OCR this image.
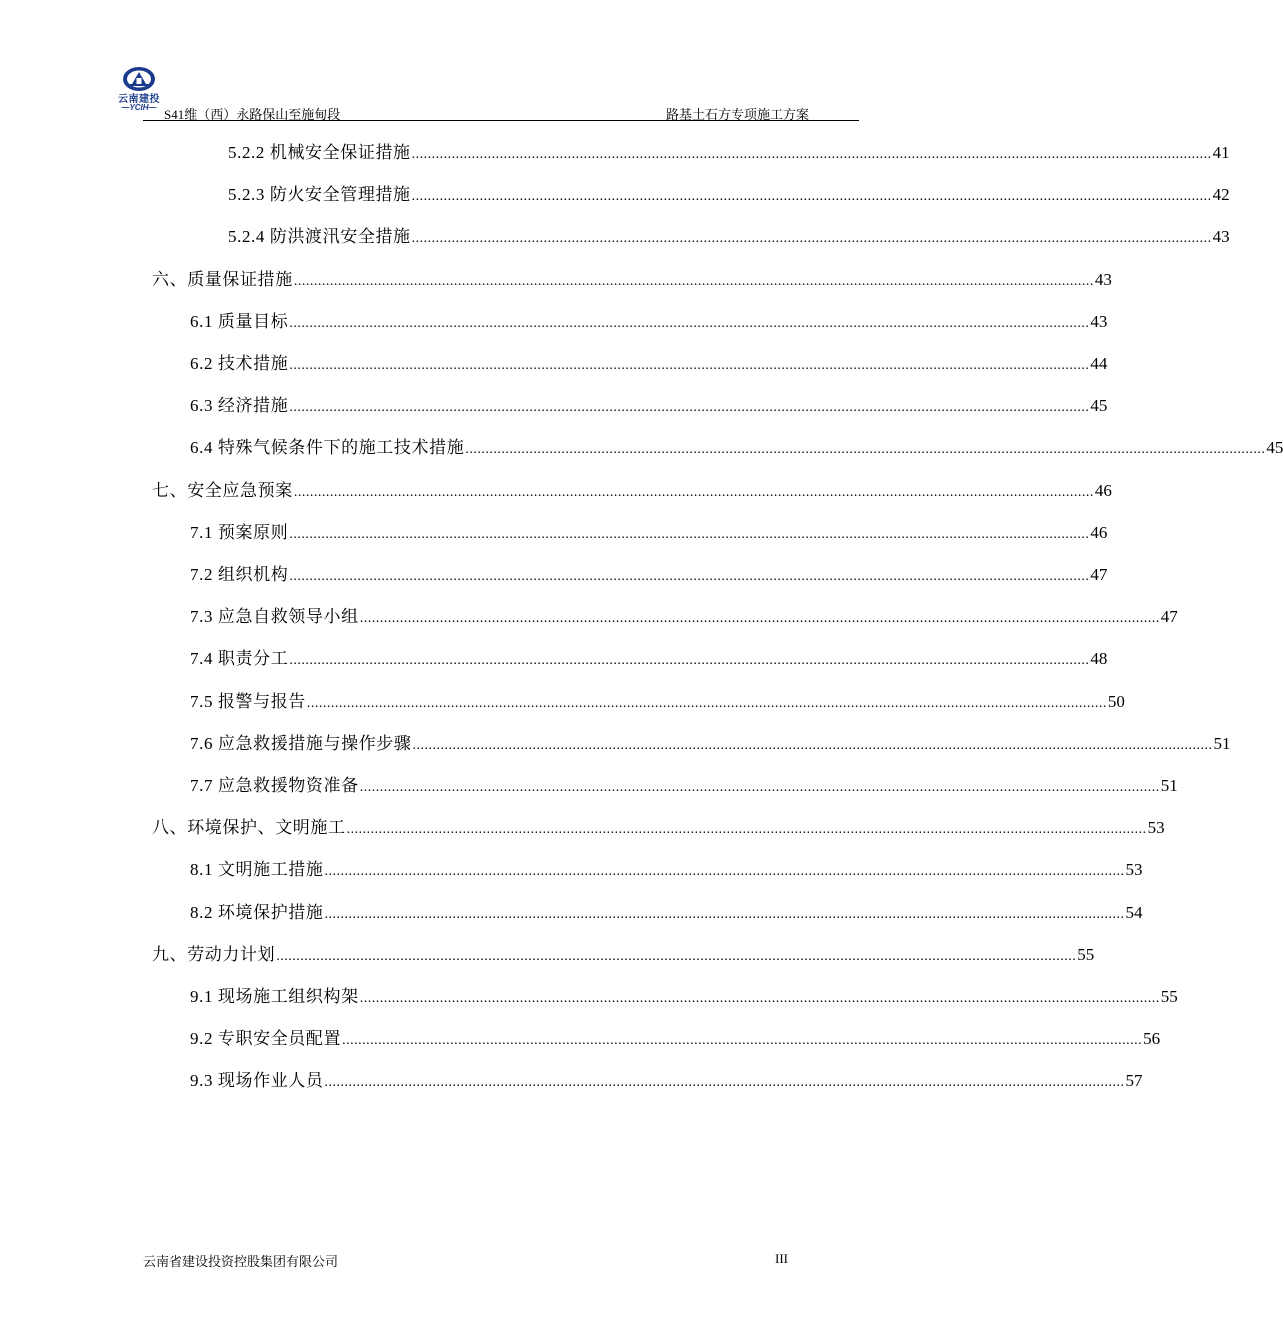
云南建投
—YCIH— S41维（西）永路保山至施甸段	路基土石方专项施工方案
5.2.2 机械安全保证措施 ........................................................................................................................................................................................................ 41
5.2.3 防火安全管理措施 ........................................................................................................................................................................................................ 42
5.2.4 防洪渡汛安全措施 ........................................................................................................................................................................................................ 43
六、质量保证措施 ........................................................................................................................................................................................................ 43
6.1 质量目标 ........................................................................................................................................................................................................ 43
6.2 技术措施 ........................................................................................................................................................................................................ 44
6.3 经济措施 ........................................................................................................................................................................................................ 45
6.4 特殊气候条件下的施工技术措施 ........................................................................................................................................................................................................ 45
七、安全应急预案 ........................................................................................................................................................................................................ 46
7.1 预案原则 ........................................................................................................................................................................................................ 46
7.2 组织机构 ........................................................................................................................................................................................................ 47
7.3 应急自救领导小组 ........................................................................................................................................................................................................ 47
7.4 职责分工 ........................................................................................................................................................................................................ 48
7.5 报警与报告 ........................................................................................................................................................................................................ 50
7.6 应急救援措施与操作步骤 ........................................................................................................................................................................................................ 51
7.7 应急救援物资准备 ........................................................................................................................................................................................................ 51
八、环境保护、文明施工 ........................................................................................................................................................................................................ 53
8.1 文明施工措施 ........................................................................................................................................................................................................ 53
8.2 环境保护措施 ........................................................................................................................................................................................................ 54
九、劳动力计划 ........................................................................................................................................................................................................ 55
9.1 现场施工组织构架 ........................................................................................................................................................................................................ 55
9.2 专职安全员配置 ........................................................................................................................................................................................................ 56
9.3 现场作业人员 ........................................................................................................................................................................................................ 57
云南省建设投资控股集团有限公司	III
